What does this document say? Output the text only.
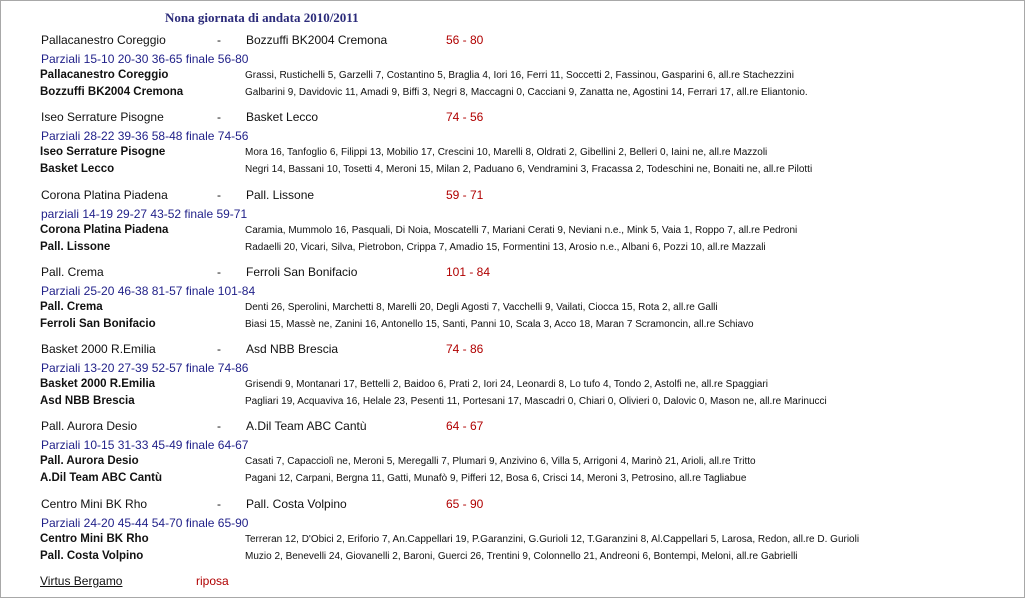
Nona giornata di andata 2010/2011
Pallacanestro Coreggio	- Bozzuffi BK2004 Cremona	56 - 80
Parziali 15-10 20-30 36-65 finale 56-80
Pallacanestro Coreggio	Grassi, Rustichelli 5, Garzelli 7, Costantino 5, Braglia 4, Iori 16, Ferri 11, Soccetti 2, Fassinou, Gasparini 6, all.re Stachezzini
Bozzuffi BK2004 Cremona	Galbarini 9, Davidovic 11, Amadi 9, Biffi 3, Negri 8, Maccagni 0, Cacciani 9, Zanatta ne, Agostini 14, Ferrari 17, all.re Eliantonio.
Iseo Serrature Pisogne	- Basket Lecco	74 - 56
Parziali 28-22 39-36 58-48 finale 74-56
Iseo Serrature Pisogne	Mora 16, Tanfoglio 6, Filippi 13, Mobilio 17, Crescini 10, Marelli 8, Oldrati 2, Gibellini 2, Belleri 0, Iaini ne, all.re Mazzoli
Basket Lecco	Negri 14, Bassani 10, Tosetti 4, Meroni 15, Milan 2, Paduano 6, Vendramini 3, Fracassa 2, Todeschini ne, Bonaiti ne, all.re Pilotti
Corona Platina Piadena	- Pall. Lissone	59 - 71
parziali 14-19 29-27 43-52 finale 59-71
Corona Platina Piadena	Caramia, Mummolo 16, Pasquali, Di Noia, Moscatelli 7, Mariani Cerati 9, Neviani n.e., Mink 5, Vaia 1, Roppo 7, all.re Pedroni
Pall. Lissone	Radaelli 20, Vicari, Silva, Pietrobon, Crippa 7, Amadio 15, Formentini 13, Arosio n.e., Albani 6, Pozzi 10, all.re Mazzali
Pall. Crema	- Ferroli San Bonifacio	101 - 84
Parziali 25-20 46-38 81-57 finale 101-84
Pall. Crema	Denti 26, Sperolini, Marchetti 8, Marelli 20, Degli Agosti 7, Vacchelli 9, Vailati, Ciocca 15, Rota 2, all.re Galli
Ferroli San Bonifacio	Biasi 15, Massè ne, Zanini 16, Antonello 15, Santi, Panni 10, Scala 3, Acco 18, Maran 7 Scramoncin, all.re Schiavo
Basket 2000 R.Emilia	- Asd NBB Brescia	74 - 86
Parziali 13-20 27-39 52-57 finale 74-86
Basket 2000 R.Emilia	Grisendi 9, Montanari 17, Bettelli 2, Baidoo 6, Prati 2, Iori 24, Leonardi 8, Lo tufo 4, Tondo 2, Astolfi ne, all.re Spaggiari
Asd NBB Brescia	Pagliari 19, Acquaviva 16, Helale 23, Pesenti 11, Portesani 17, Mascadri 0, Chiari 0, Olivieri 0, Dalovic 0, Mason ne, all.re Marinucci
Pall. Aurora Desio	- A.Dil Team ABC Cantù	64 - 67
Parziali 10-15 31-33 45-49 finale 64-67
Pall. Aurora Desio	Casati 7, Capacciolì ne, Meroni 5, Meregalli 7, Plumari 9, Anzivino 6, Villa 5, Arrigoni 4, Marinò 21, Arioli, all.re Tritto
A.Dil Team ABC Cantù	Pagani 12, Carpani, Bergna 11, Gatti, Munafò 9, Pifferi 12, Bosa 6, Crisci 14, Meroni 3, Petrosino, all.re Tagliabue
Centro Mini BK Rho	- Pall. Costa Volpino	65 - 90
Parziali 24-20 45-44 54-70 finale 65-90
Centro Mini BK Rho	Terreran 12, D'Obici 2, Eriforio 7, An.Cappellari 19, P.Garanzini, G.Gurioli 12, T.Garanzini 8, Al.Cappellari 5, Larosa, Redon, all.re D. Gurioli
Pall. Costa Volpino	Muzio 2, Benevelli 24, Giovanelli 2, Baroni, Guerci 26, Trentini 9, Colonnello 21, Andreoni 6, Bontempi, Meloni, all.re Gabrielli
Virtus Bergamo	riposa
